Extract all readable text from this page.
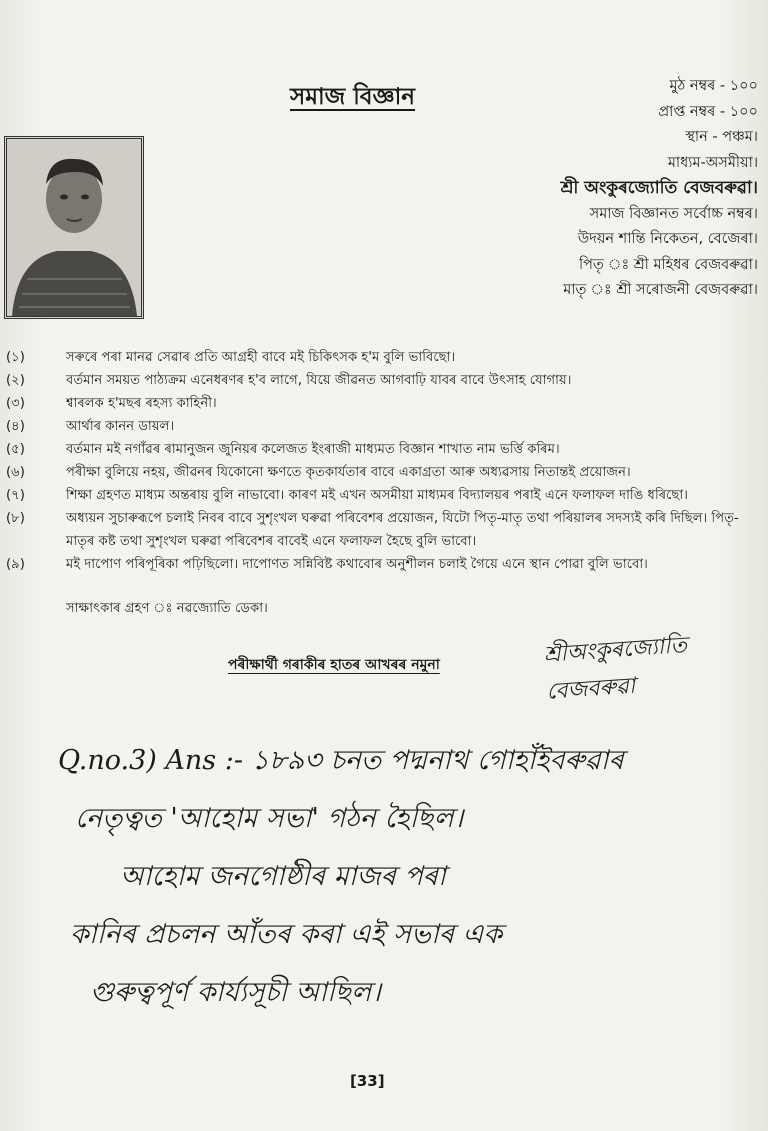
সমাজ বিজ্ঞান	মুঠ নম্বৰ - ১০০
প্ৰাপ্ত নম্বৰ - ১০০
স্থান - পঞ্চম।
মাধ্যম-অসমীয়া।
শ্ৰী অংকুৰজ্যোতি বেজবৰুৱা।
সমাজ বিজ্ঞানত সৰ্বোচ্চ নম্বৰ।
উদয়ন শান্তি নিকেতন, বেজেৰা।
পিতৃ ঃ শ্ৰী মহিধৰ বেজবৰুৱা।
মাতৃ ঃ শ্ৰী সৰোজনী বেজবৰুৱা।
(১)	সৰুৰে পৰা মানৱ সেৱাৰ প্ৰতি আগ্ৰহী বাবে মই চিকিৎসক হ'ম বুলি ভাবিছো।
(২)	বৰ্তমান সময়ত পাঠ্যক্ৰম এনেধৰণৰ হ'ব লাগে, যিয়ে জীৱনত আগবাঢ়ি যাবৰ বাবে উৎসাহ যোগায়।
(৩)	শ্বাৰলক হ'মছৰ ৰহস্য কাহিনী।
(৪)	আৰ্থাৰ কানন ডায়ল।
(৫)	বৰ্তমান মই নগাঁৱৰ ৰামানুজন জুনিয়ৰ কলেজত ইংৰাজী মাধ্যমত বিজ্ঞান শাখাত নাম ভৰ্ত্তি কৰিম।
(৬)	পৰীক্ষা বুলিয়ে নহয়, জীৱনৰ যিকোনো ক্ষণতে কৃতকাৰ্যতাৰ বাবে একাগ্ৰতা আৰু অধ্যৱসায় নিতান্তই প্ৰয়োজন।
(৭)	শিক্ষা গ্ৰহণত মাধ্যম অন্তৰায় বুলি নাভাবো। কাৰণ মই এখন অসমীয়া মাধ্যমৰ বিদ্যালয়ৰ পৰাই এনে ফলাফল দাঙি ধৰিছো।
(৮)	অধ্যয়ন সুচাৰুৰূপে চলাই নিবৰ বাবে সুশৃংখল ঘৰুৱা পৰিবেশৰ প্ৰয়োজন, যিটো পিতৃ-মাতৃ তথা পৰিয়ালৰ সদস্যই কৰি দিছিল। পিতৃ-মাতৃৰ কষ্ট তথা সুশৃংখল ঘৰুৱা পৰিবেশৰ বাবেই এনে ফলাফল হৈছে বুলি ভাবো।
(৯)	মই দাপোণ পৰিপূৰিকা পঢ়িছিলো। দাপোণত সন্নিবিষ্ট কথাবোৰ অনুশীলন চলাই গৈয়ে এনে স্থান পোৱা বুলি ভাবো।
সাক্ষাৎকাৰ গ্ৰহণ ঃ নৱজ্যোতি ডেকা।
শ্ৰীঅংকুৰজ্যোতি বেজবৰুৱা
পৰীক্ষাৰ্থী গৰাকীৰ হাতৰ আখৰৰ নমুনা
Q.no.3) Ans :- ১৮৯৩ চনত পদ্মনাথ গোহাঁইবৰুৱাৰ
নেতৃত্বত 'আহোম সভা' গঠন হৈছিল।
আহোম জনগোষ্ঠীৰ মাজৰ পৰা
কানিৰ প্ৰচলন আঁতৰ কৰা এই সভাৰ এক
গুৰুত্বপূৰ্ণ কাৰ্য্যসূচী আছিল।
[33]
